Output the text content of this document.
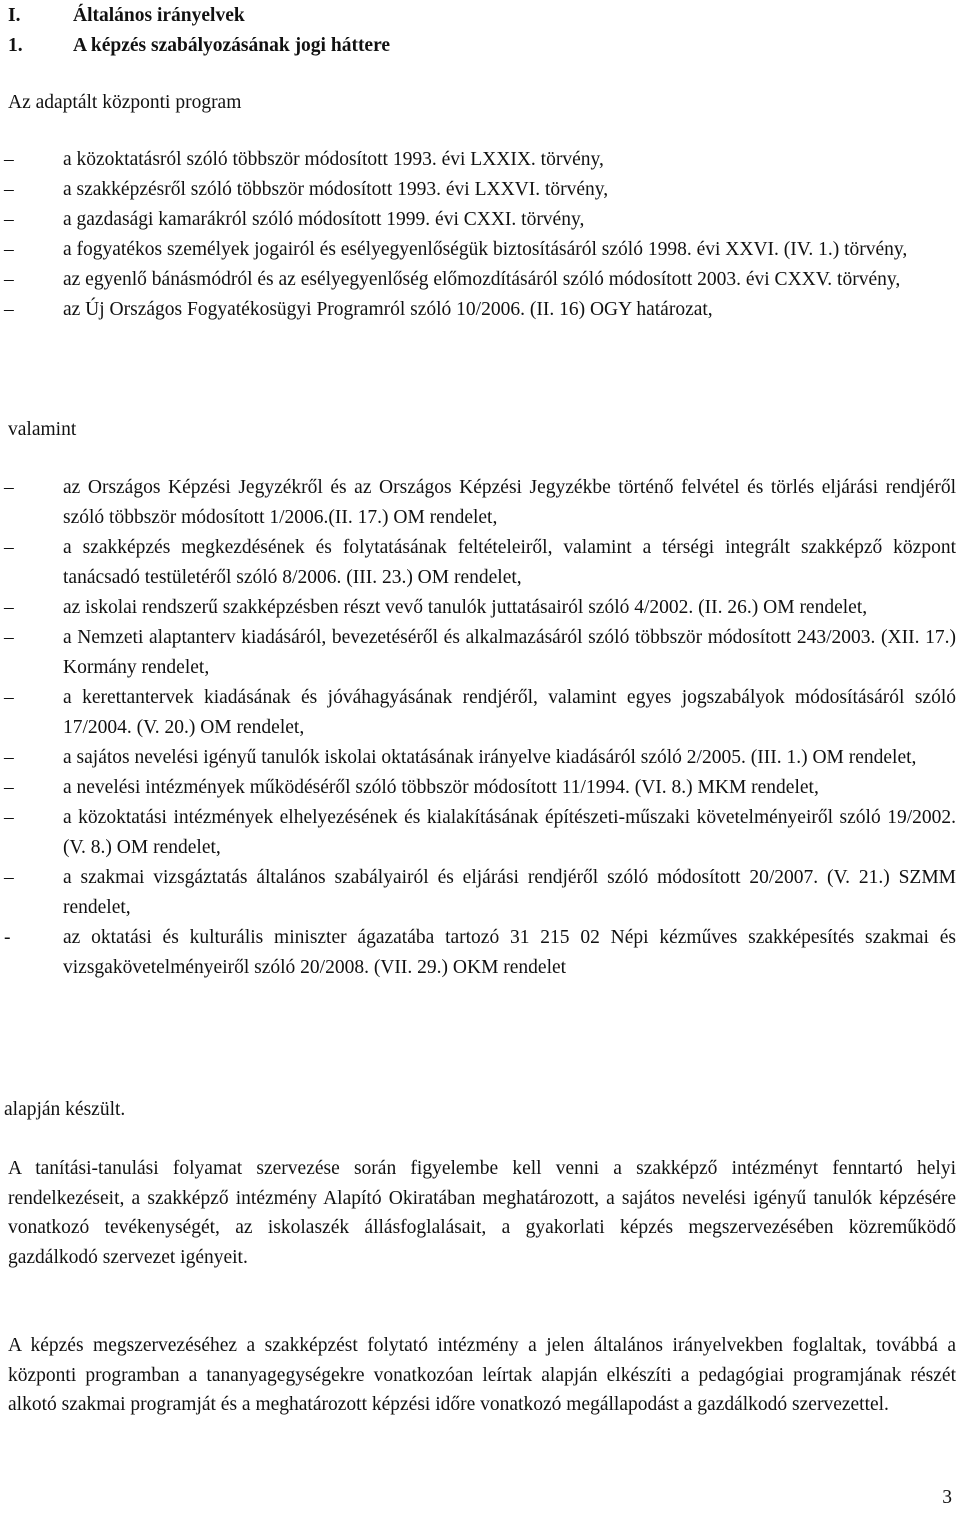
I.	Általános irányelvek
1.	A képzés szabályozásának jogi háttere

Az adaptált központi program

–	a közoktatásról szóló többször módosított 1993. évi LXXIX. törvény,
–	a szakképzésről szóló többször módosított 1993. évi LXXVI. törvény,
–	a gazdasági kamarákról szóló módosított 1999. évi CXXI. törvény,
–	a fogyatékos személyek jogairól és esélyegyenlőségük biztosításáról szóló 1998. évi XXVI. (IV. 1.) törvény,
–	az egyenlő bánásmódról és az esélyegyenlőség előmozdításáról szóló módosított 2003. évi CXXV. törvény,
–	az Új Országos Fogyatékosügyi Programról szóló 10/2006. (II. 16) OGY határozat,

valamint

–	az Országos Képzési Jegyzékről és az Országos Képzési Jegyzékbe történő felvétel és törlés eljárási rendjéről szóló többször módosított 1/2006.(II. 17.) OM rendelet,
–	a szakképzés megkezdésének és folytatásának feltételeiről, valamint a térségi integrált szakképző központ tanácsadó testületéről szóló 8/2006. (III. 23.) OM rendelet,
–	az iskolai rendszerű szakképzésben részt vevő tanulók juttatásairól szóló 4/2002. (II. 26.) OM rendelet,
–	a Nemzeti alaptanterv kiadásáról, bevezetéséről és alkalmazásáról szóló többször módosított 243/2003. (XII. 17.) Kormány rendelet,
–	a kerettantervek kiadásának és jóváhagyásának rendjéről, valamint egyes jogszabályok módosításáról szóló 17/2004. (V. 20.) OM rendelet,
–	a sajátos nevelési igényű tanulók iskolai oktatásának irányelve kiadásáról szóló 2/2005. (III. 1.) OM rendelet,
–	a nevelési intézmények működéséről szóló többször módosított 11/1994. (VI. 8.) MKM rendelet,
–	a közoktatási intézmények elhelyezésének és kialakításának építészeti-műszaki követelményeiről szóló 19/2002. (V. 8.) OM rendelet,
–	a szakmai vizsgáztatás általános szabályairól és eljárási rendjéről szóló módosított 20/2007. (V. 21.) SZMM rendelet,
-	az oktatási és kulturális miniszter ágazatába tartozó 31 215 02 Népi kézműves szakképesítés szakmai és vizsgakövetelményeiről szóló 20/2008. (VII. 29.) OKM rendelet

alapján készült.

A tanítási-tanulási folyamat szervezése során figyelembe kell venni a szakképző intézményt fenntartó helyi rendelkezéseit, a szakképző intézmény Alapító Okiratában meghatározott, a sajátos nevelési igényű tanulók képzésére vonatkozó tevékenységét, az iskolaszék állásfoglalásait, a gyakorlati képzés megszervezésében közreműködő gazdálkodó szervezet igényeit.

A képzés megszervezéséhez a szakképzést folytató intézmény a jelen általános irányelvekben foglaltak, továbbá a központi programban a tananyagegységekre vonatkozóan leírtak alapján elkészíti a pedagógiai programjának részét alkotó szakmai programját és a meghatározott képzési időre vonatkozó megállapodást a gazdálkodó szervezettel.

3
